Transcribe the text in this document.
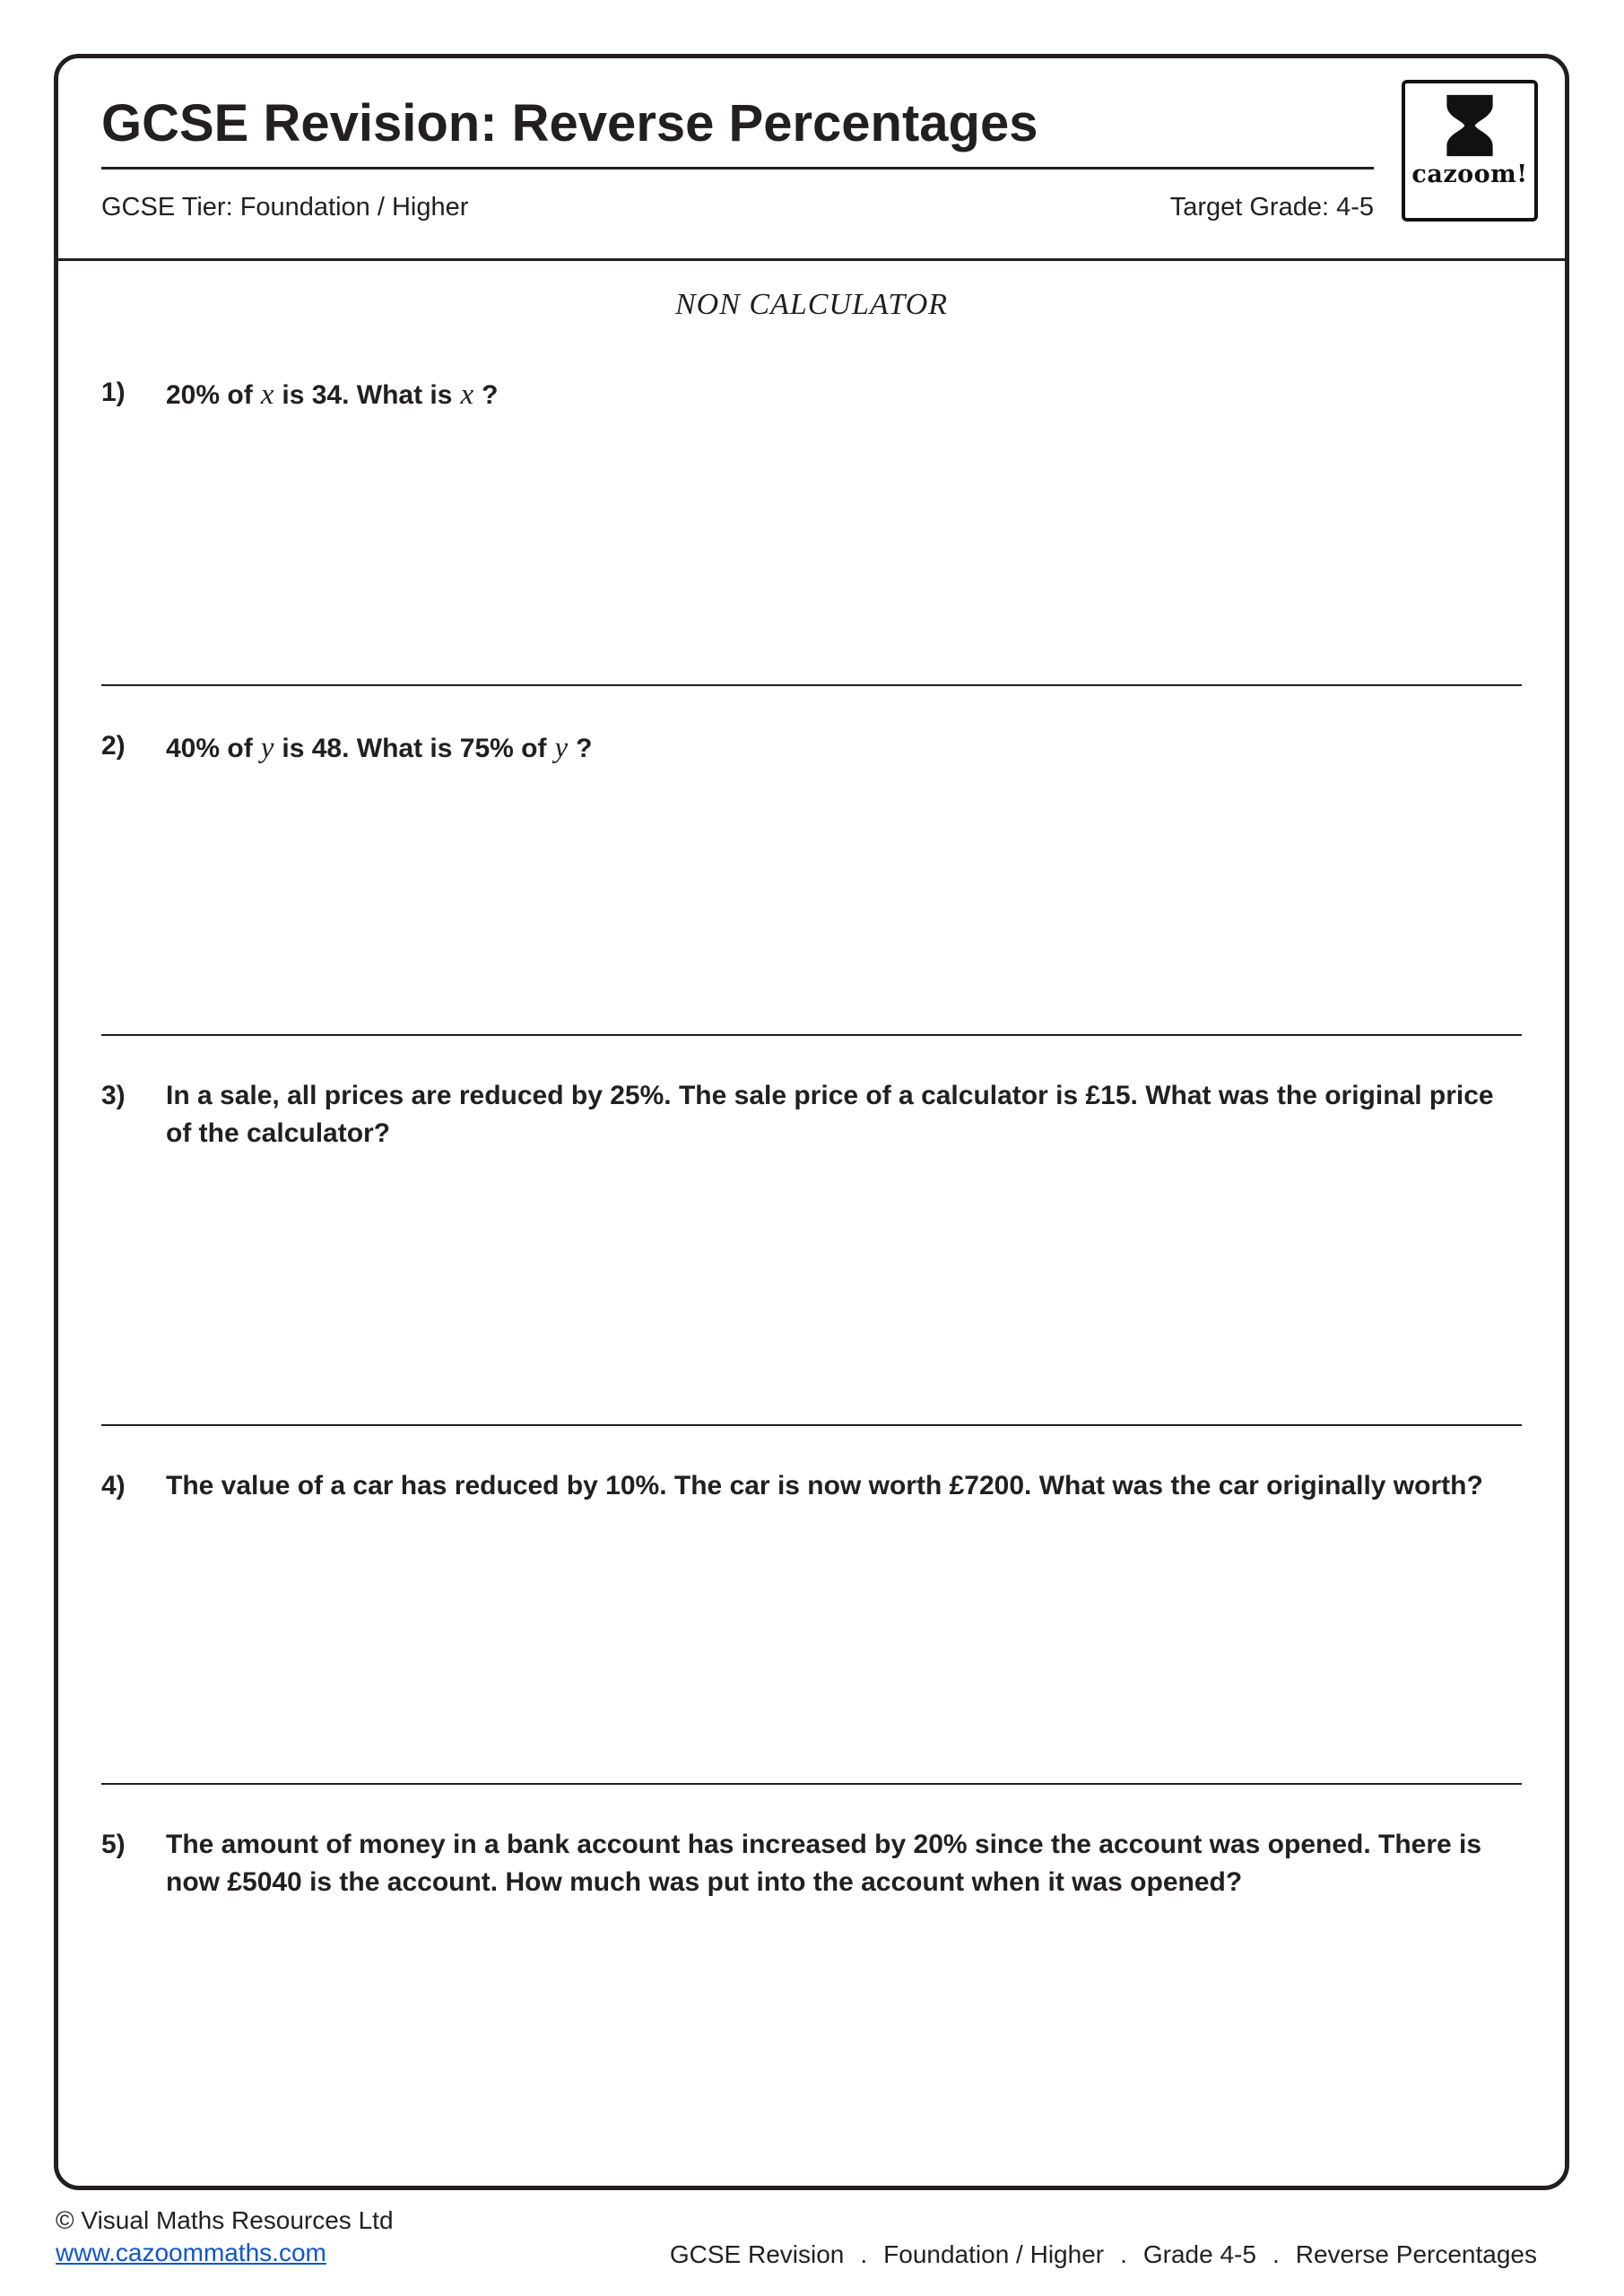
cazoom!
GCSE Revision: Reverse Percentages
GCSE Tier: Foundation / Higher	Target Grade: 4-5
NON CALCULATOR
1)	20% of x is 34. What is x ?
2)	40% of y is 48. What is 75% of y ?
3)	In a sale, all prices are reduced by 25%. The sale price of a calculator is £15. What was the original price of the calculator?
4)	The value of a car has reduced by 10%. The car is now worth £7200. What was the car originally worth?
5)	The amount of money in a bank account has increased by 20% since the account was opened. There is now £5040 is the account. How much was put into the account when it was opened?
© Visual Maths Resources Ltd
www.cazoommaths.com	GCSE Revision . Foundation / Higher . Grade 4-5 . Reverse Percentages
